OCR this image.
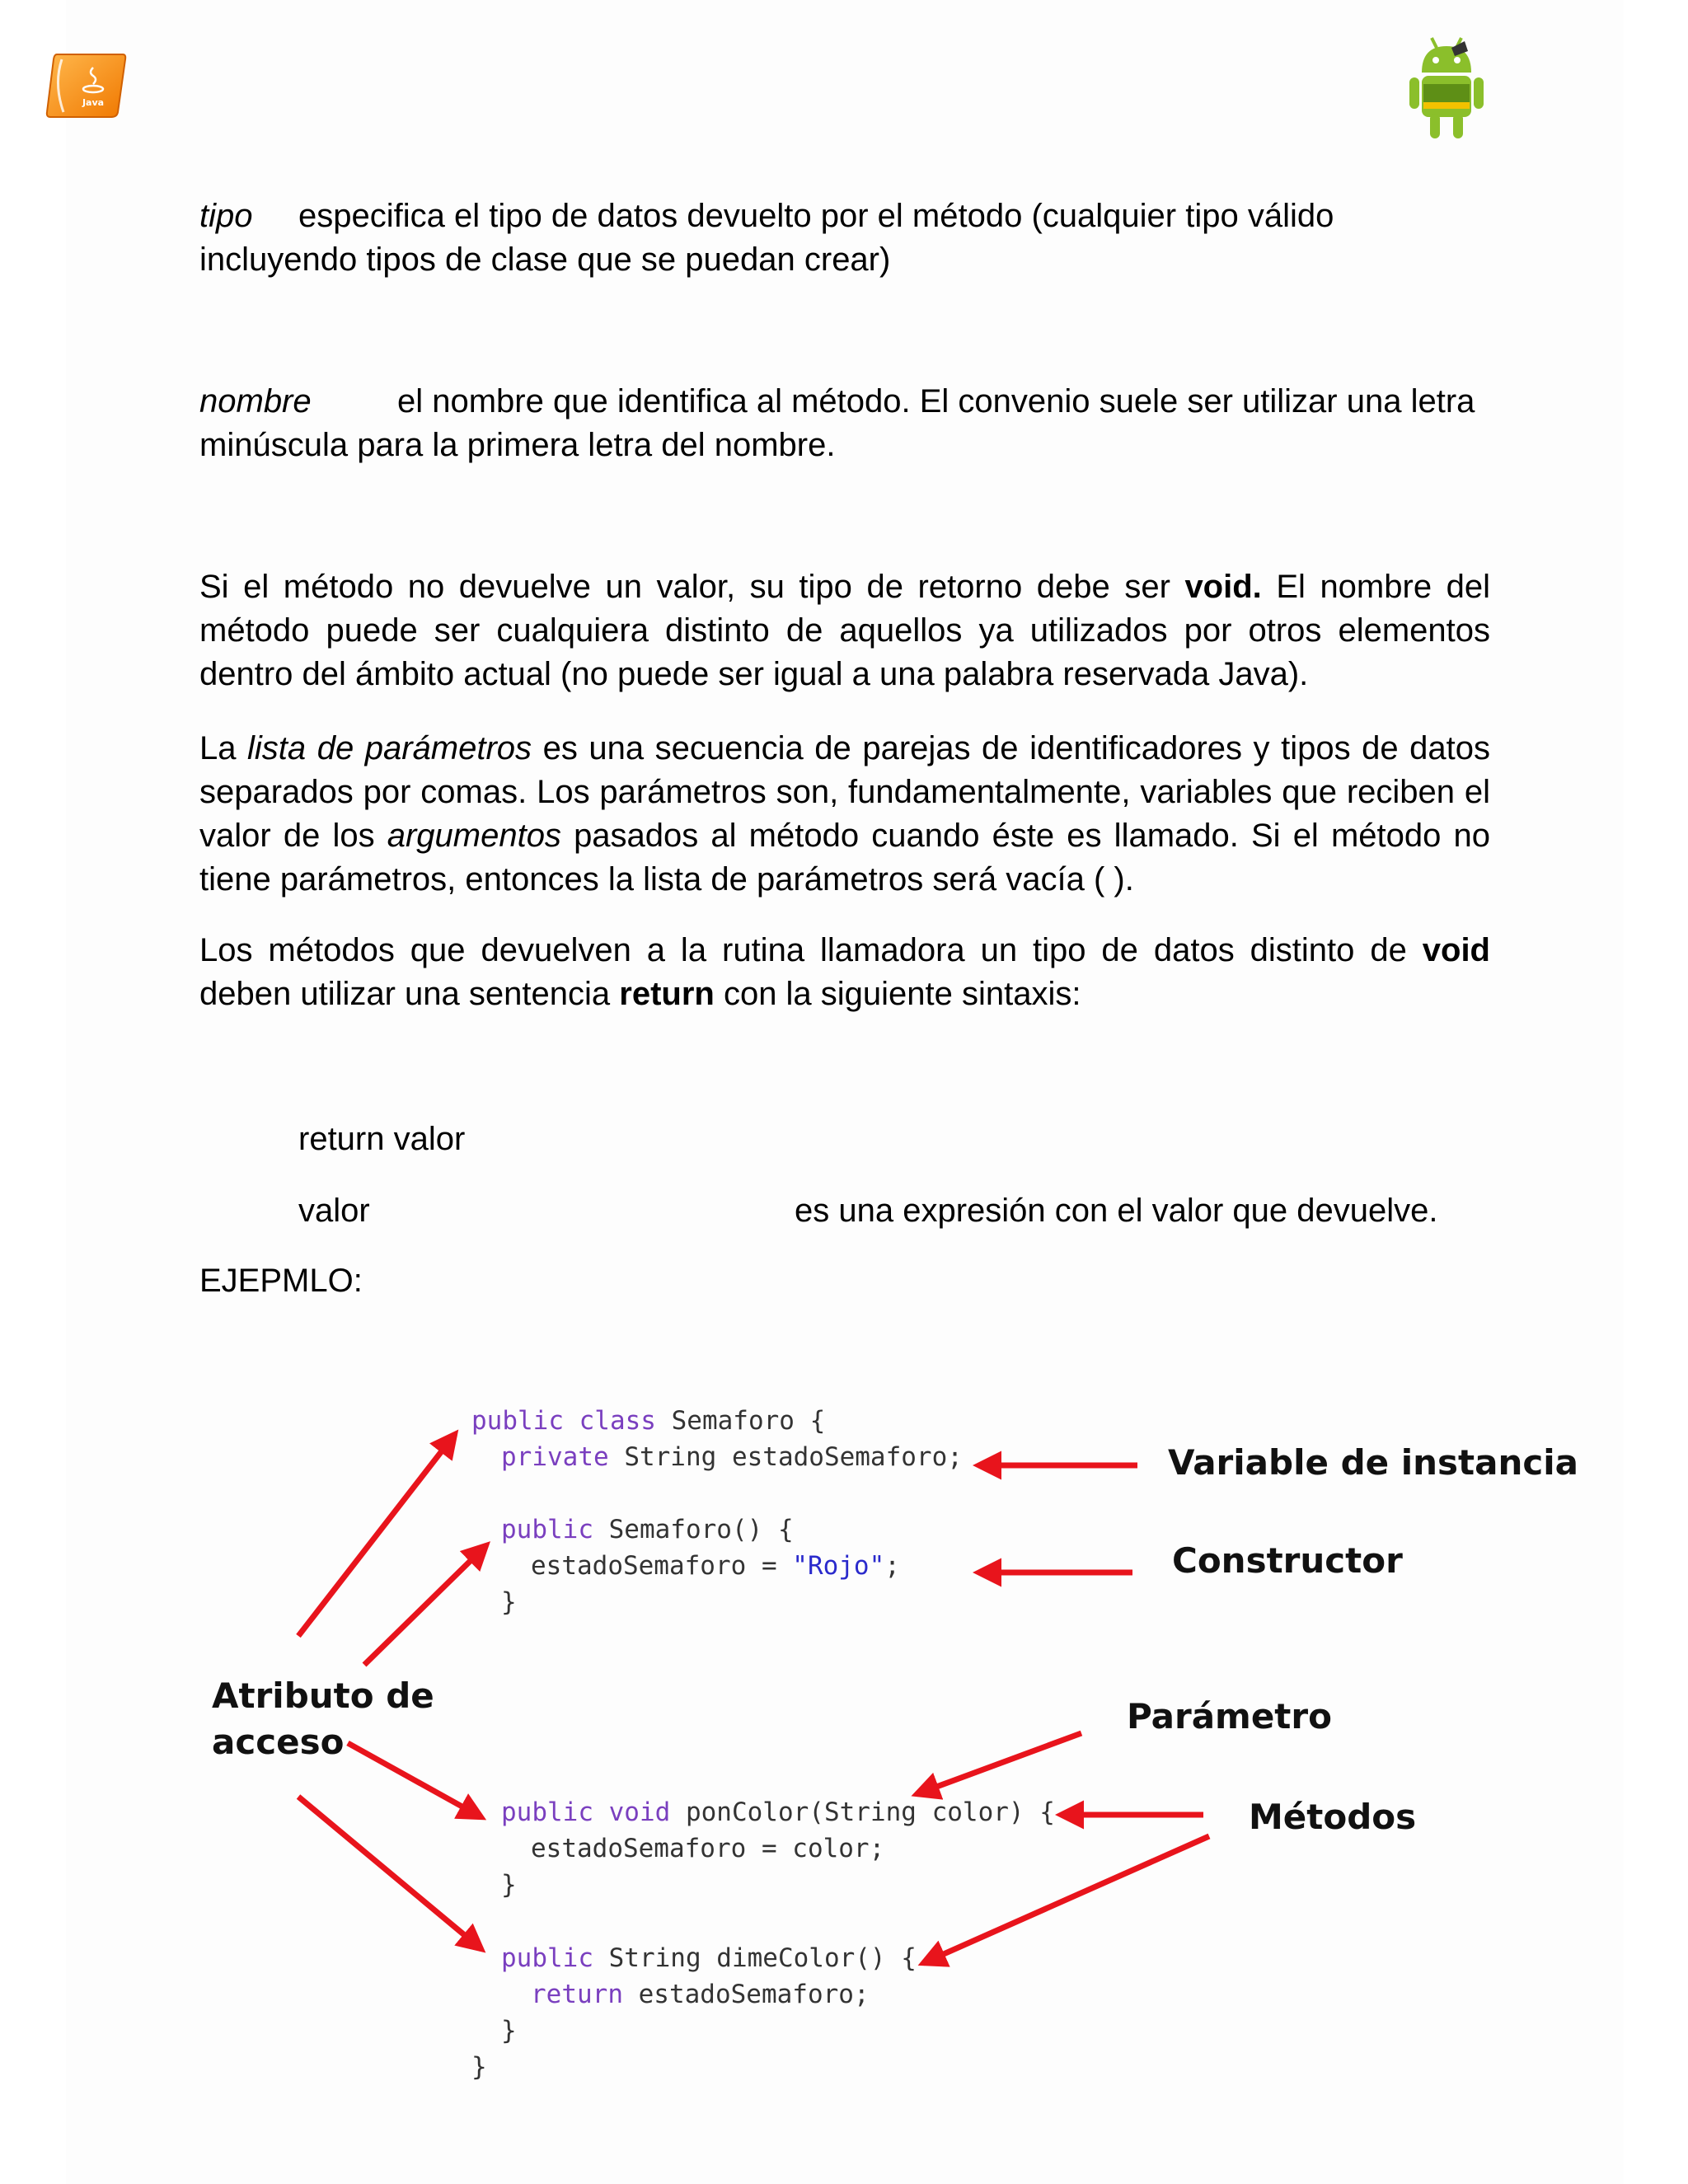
Java
tipo especifica el tipo de datos devuelto por el método (cualquier tipo válido
incluyendo tipos de clase que se puedan crear)
nombre	el nombre que identifica al método. El convenio suele ser utilizar una letra
minúscula para la primera letra del nombre.
Si el método no devuelve un valor, su tipo de retorno debe ser void. El nombre del método puede ser cualquiera distinto de aquellos ya utilizados por otros elementos dentro del ámbito actual (no puede ser igual a una palabra reservada Java).
La lista de parámetros es una secuencia de parejas de identificadores y tipos de datos separados por comas. Los parámetros son, fundamentalmente, variables que reciben el valor de los argumentos pasados al método cuando éste es llamado. Si el método no tiene parámetros, entonces la lista de parámetros será vacía ( ).
Los métodos que devuelven a la rutina llamadora un tipo de datos distinto de void deben utilizar una sentencia return con la siguiente sintaxis:
return valor
valor	es una expresión con el valor que devuelve.
EJEPMLO:
public class Semaforo {
private String estadoSemaforo;
public Semaforo() {
estadoSemaforo = "Rojo";
}
public void ponColor(String color) {
estadoSemaforo = color;
}
public String dimeColor() {
return estadoSemaforo;
}
}
Variable de instancia
Constructor
Atributo de
acceso
Parámetro
Métodos
